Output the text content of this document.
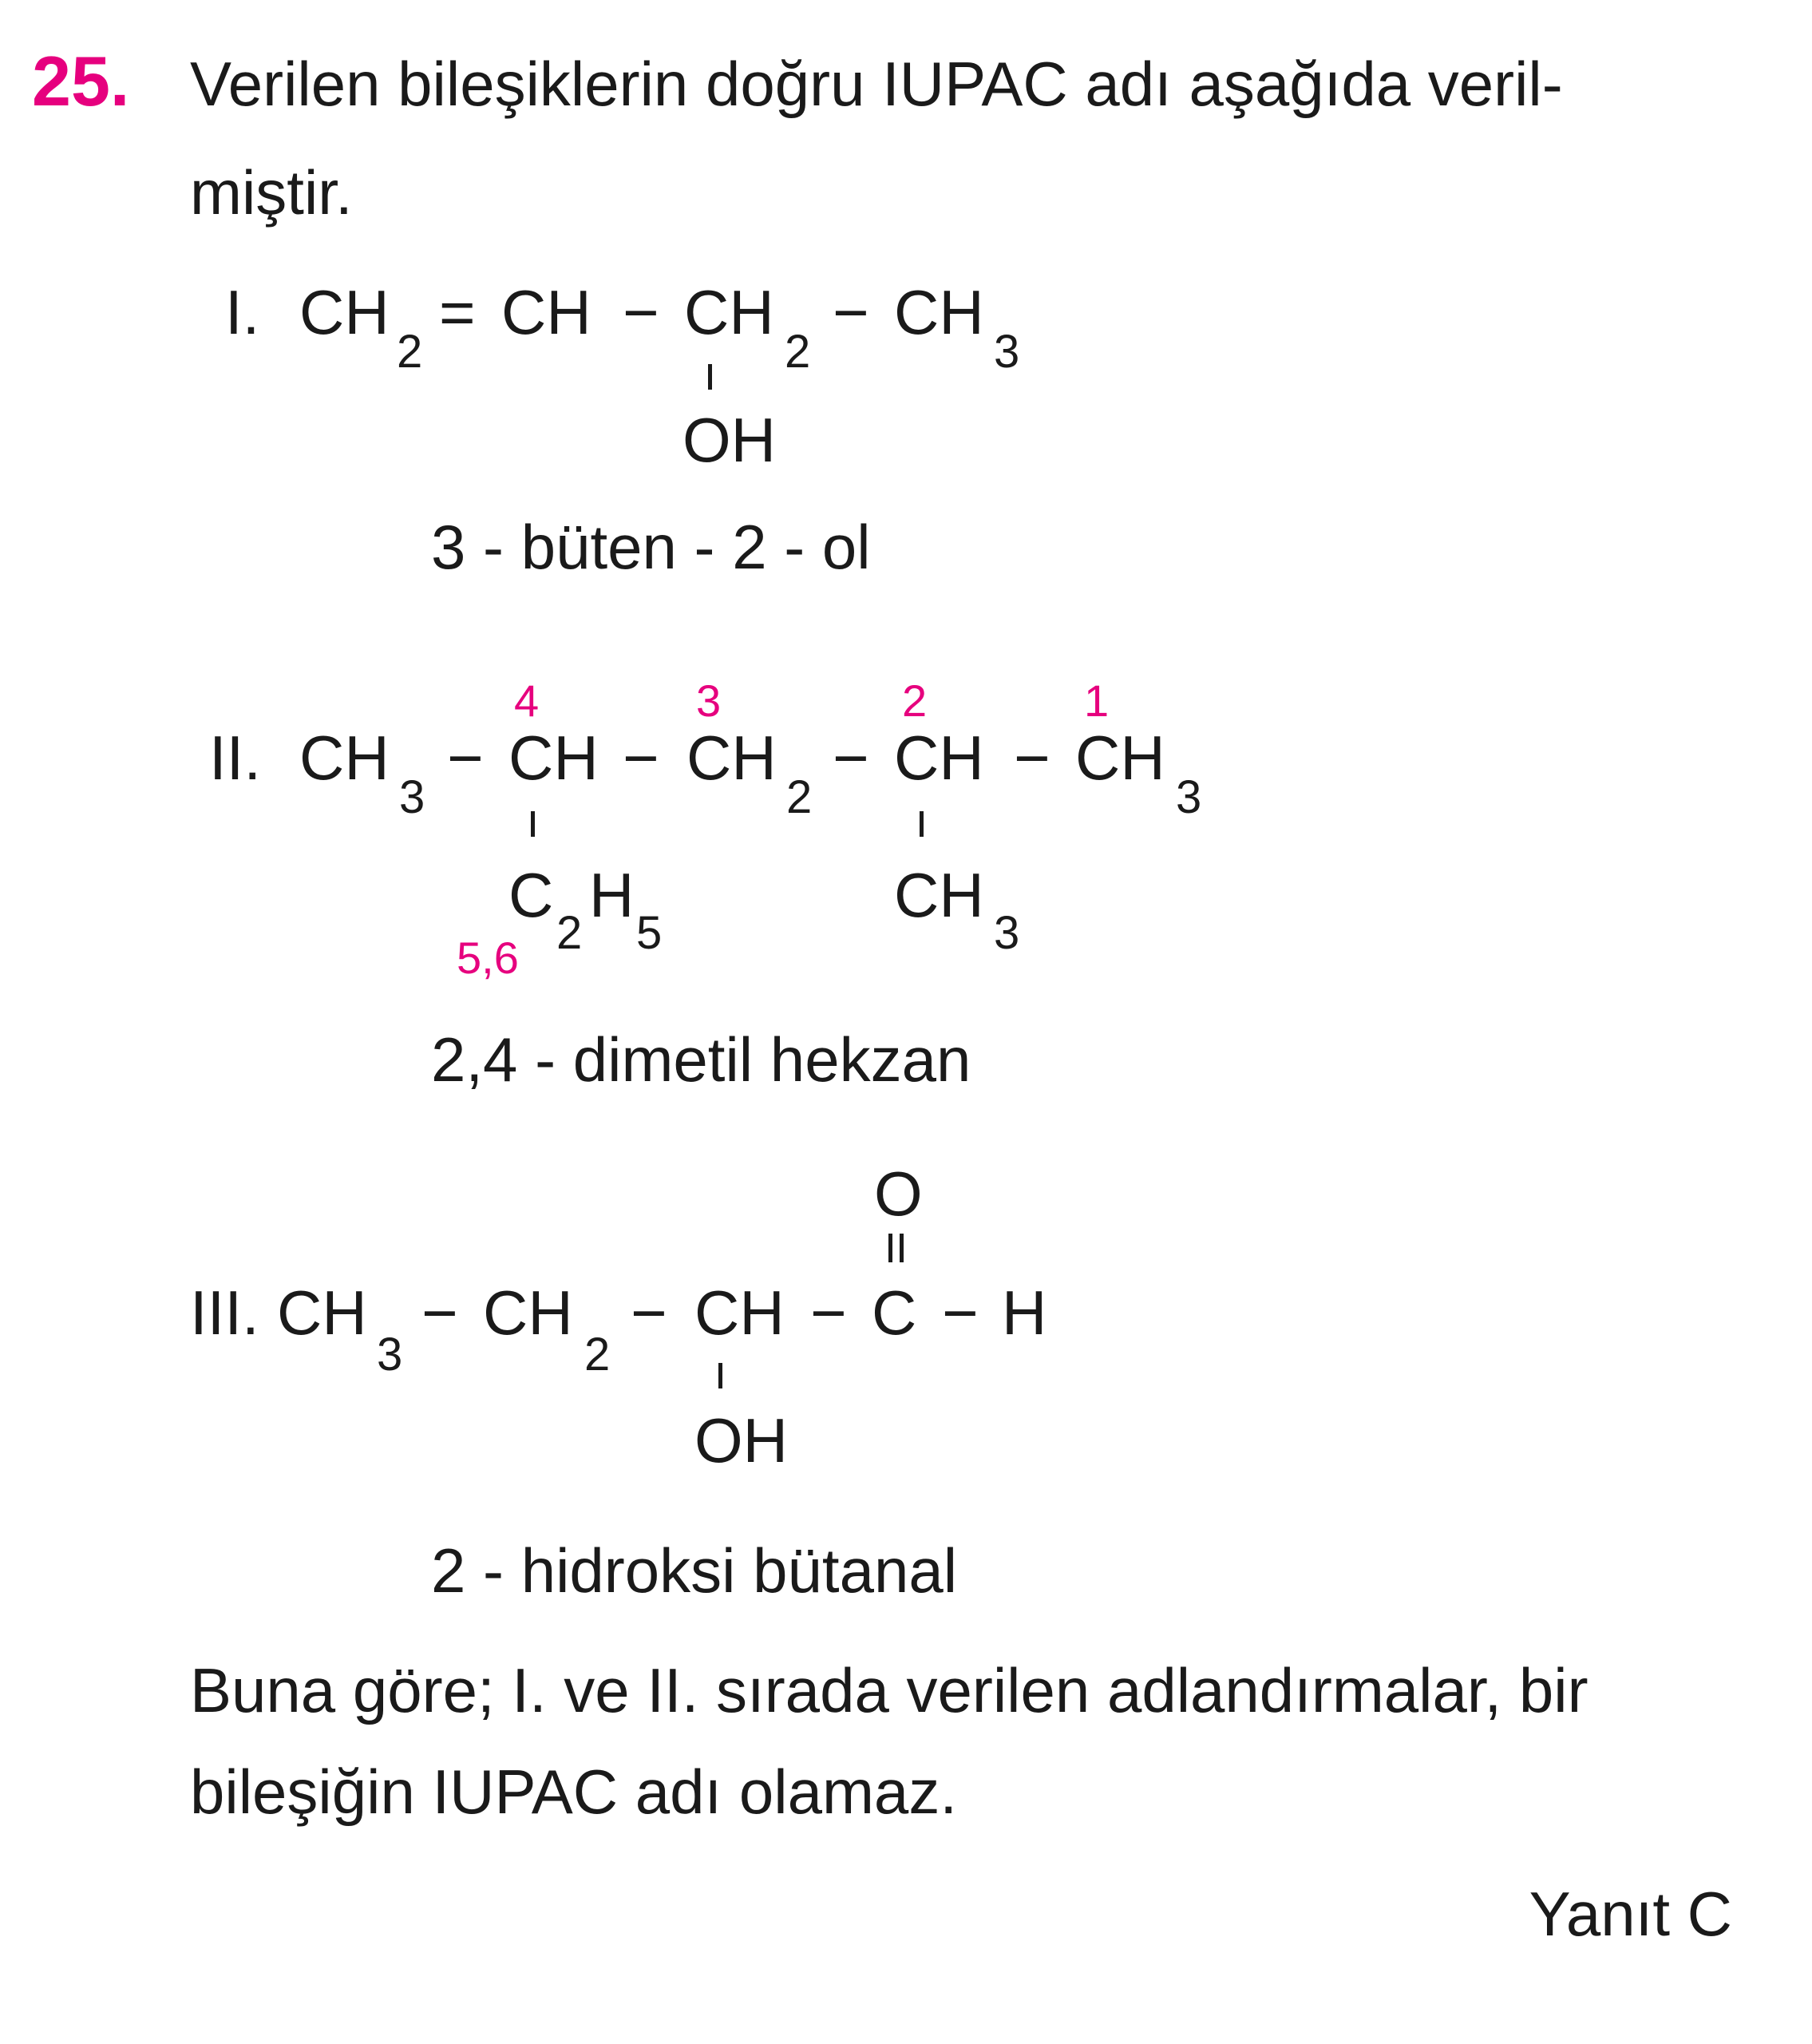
25. Verilen bileşiklerin doğru IUPAC adı aşağıda veril-
miştir.
I. CH
2
= CH − CH
2
− CH
3
OH
3 - büten - 2 - ol
4	3	2	1
II. CH
3
− CH − CH
2
− CH − CH
3
C
2
H
5
5,6
CH
3
2,4 - dimetil hekzan
O
III. CH
3
− CH
2
− CH − C − H
OH
2 - hidroksi bütanal
Buna göre; I. ve II. sırada verilen adlandırmalar, bir
bileşiğin IUPAC adı olamaz.
Yanıt C
